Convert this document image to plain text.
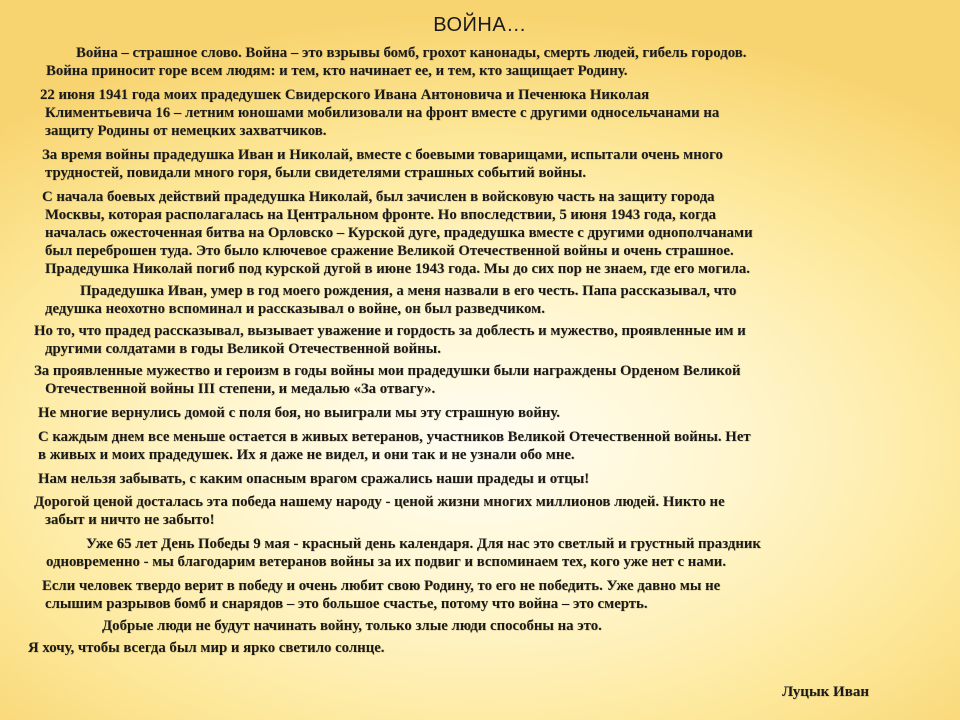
ВОЙНА…
Война – страшное слово. Война – это взрывы бомб, грохот канонады, смерть людей, гибель городов.
Война приносит горе всем людям: и тем, кто начинает ее, и тем, кто защищает Родину.
22 июня 1941 года моих прадедушек Свидерского Ивана Антоновича и Печенюка Николая
Климентьевича 16 – летним юношами мобилизовали на фронт вместе с другими односельчанами на
защиту Родины от немецких захватчиков.
За время войны прадедушка Иван и Николай, вместе с боевыми товарищами, испытали очень много
трудностей, повидали много горя, были свидетелями страшных событий войны.
С начала боевых действий прадедушка Николай, был зачислен в войсковую часть на защиту города
Москвы, которая располагалась на Центральном фронте. Но впоследствии, 5 июня 1943 года, когда
началась ожесточенная битва на Орловско – Курской дуге, прадедушка вместе с другими однополчанами
был переброшен туда. Это было ключевое сражение Великой Отечественной войны и очень страшное.
Прадедушка Николай погиб под курской дугой в июне 1943 года. Мы до сих пор не знаем, где его могила.
Прадедушка Иван, умер в год моего рождения, а меня назвали в его честь. Папа рассказывал, что
дедушка неохотно вспоминал и рассказывал о войне, он был разведчиком.
Но то, что прадед рассказывал, вызывает уважение и гордость за доблесть и мужество, проявленные им и
другими солдатами в годы Великой Отечественной войны.
За проявленные мужество и героизм в годы войны мои прадедушки были награждены Орденом Великой
Отечественной войны III степени, и медалью «За отвагу».
Не многие вернулись домой с поля боя, но выиграли мы эту страшную войну.
С каждым днем все меньше остается в живых ветеранов, участников Великой Отечественной войны. Нет
в живых и моих прадедушек. Их я даже не видел, и они так и не узнали обо мне.
Нам нельзя забывать, с каким опасным врагом сражались наши прадеды и отцы!
Дорогой ценой досталась эта победа нашему народу - ценой жизни многих миллионов людей. Никто не
забыт и ничто не забыто!
Уже 65 лет День Победы 9 мая - красный день календаря. Для нас это светлый и грустный праздник
одновременно - мы благодарим ветеранов войны за их подвиг и вспоминаем тех, кого уже нет с нами.
Если человек твердо верит в победу и очень любит свою Родину, то его не победить. Уже давно мы не
слышим разрывов бомб и снарядов – это большое счастье, потому что война – это смерть.
Добрые люди не будут начинать войну, только злые люди способны на это.
Я хочу, чтобы всегда был мир и ярко светило солнце.
Луцык Иван
